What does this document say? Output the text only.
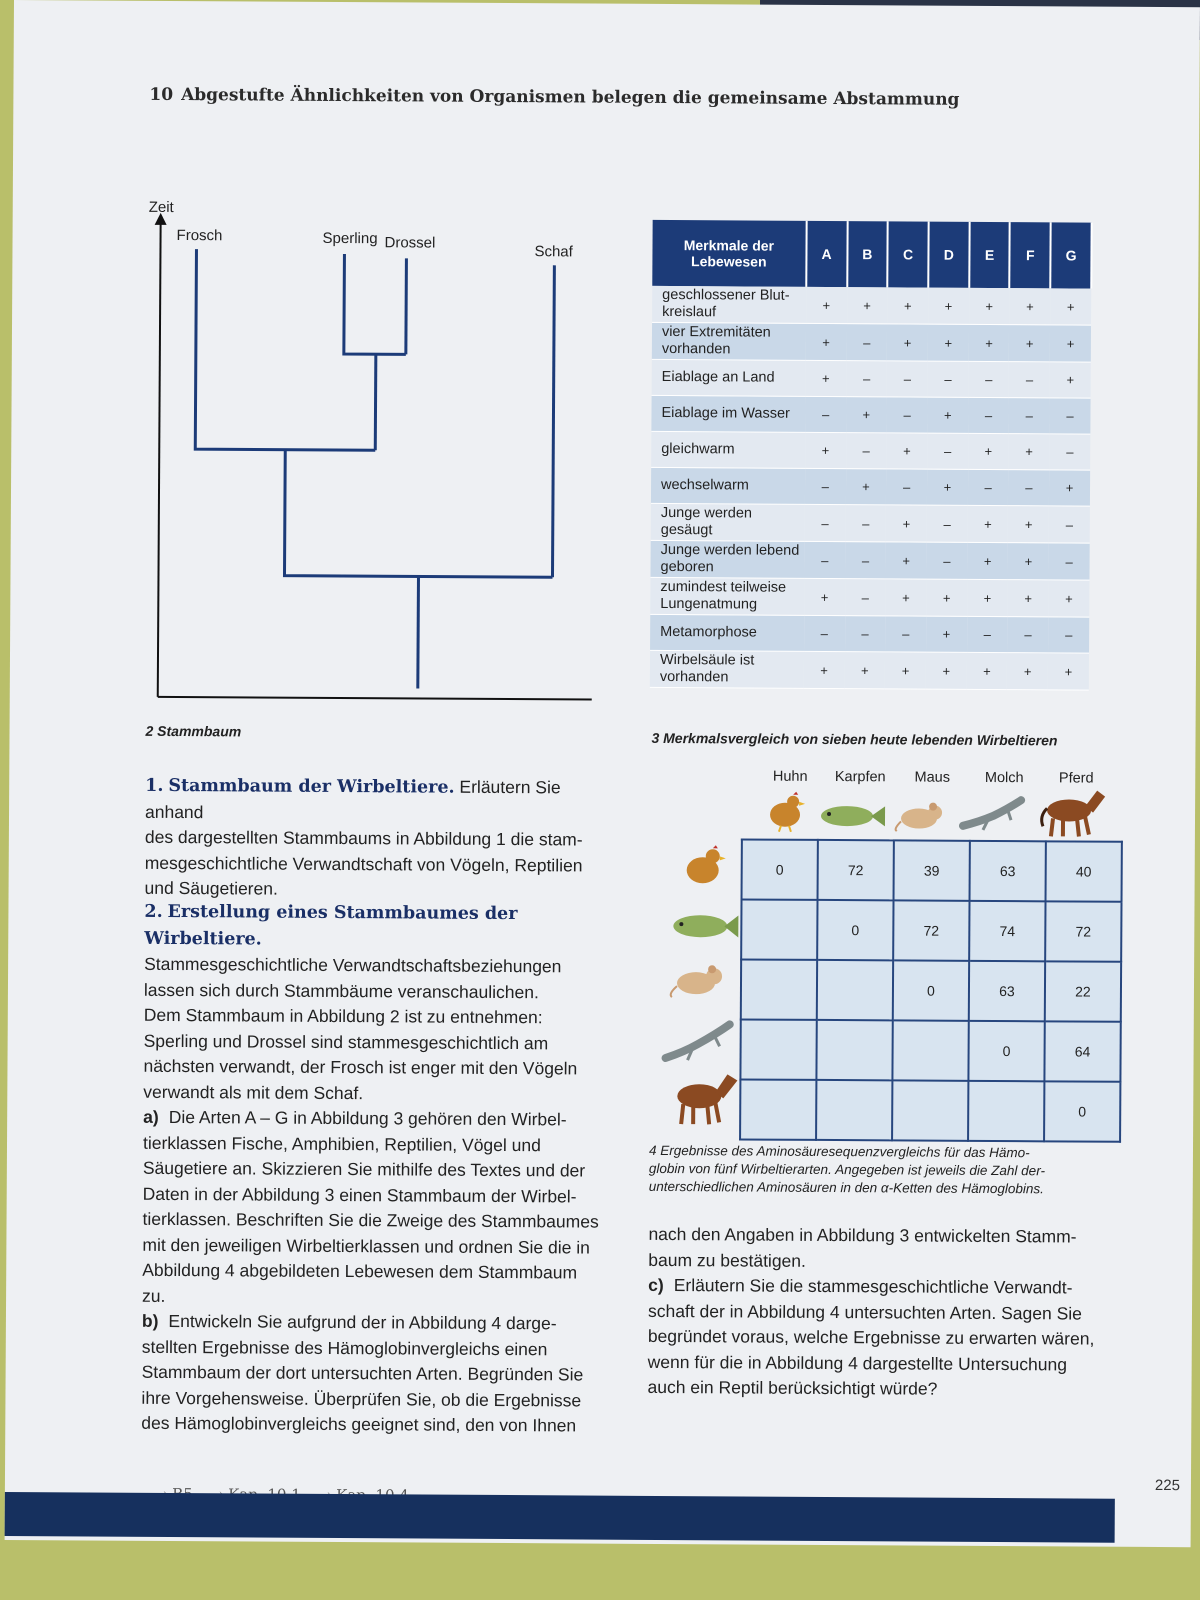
10 Abgestufte Ähnlichkeiten von Organismen belegen die gemeinsame Abstammung
Zeit
Frosch	Sperling Drossel
Schaf
2 Stammbaum
Merkmale der Lebewesen	A	B	C	D	E	F	G
geschlossener Blut-kreislauf	+	+	+	+	+	+	+
vier Extremitäten vorhanden	+	–	+	+	+	+	+
Eiablage an Land	+	–	–	–	–	–	+
Eiablage im Wasser	–	+	–	+	–	–	–
gleichwarm	+	–	+	–	+	+	–
wechselwarm	–	+	–	+	–	–	+
Junge werden gesäugt	–	–	+	–	+	+	–
Junge werden lebend geboren	–	–	+	–	+	+	–
zumindest teilweise Lungenatmung	+	–	+	+	+	+	+
Metamorphose	–	–	–	+	–	–	–
Wirbelsäule ist vorhanden	+	+	+	+	+	+	+
3 Merkmalsvergleich von sieben heute lebenden Wirbeltieren
Huhn	Karpfen	Maus	Molch	Pferd
0	72	39	63	40
	0	72	74	72
		0	63	22
			0	64
				0
4 Ergebnisse des Aminosäuresequenzvergleichs für das Hämo-
globin von fünf Wirbeltierarten. Angegeben ist jeweils die Zahl der-
unterschiedlichen Aminosäuren in den α-Ketten des Hämoglobins.

1. Stammbaum der Wirbeltiere. Erläutern Sie anhand

des dargestellten Stammbaums in Abbildung 1 die stam-

mesgeschichtliche Verwandtschaft von Vögeln, Reptilien

und Säugetieren.

2. Erstellung eines Stammbaumes der Wirbeltiere.

Stammesgeschichtliche Verwandtschaftsbeziehungen

lassen sich durch Stammbäume veranschaulichen.

Dem Stammbaum in Abbildung 2 ist zu entnehmen:

Sperling und Drossel sind stammesgeschichtlich am

nächsten verwandt, der Frosch ist enger mit den Vögeln

verwandt als mit dem Schaf.

a) Die Arten A – G in Abbildung 3 gehören den Wirbel-

tierklassen Fische, Amphibien, Reptilien, Vögel und

Säugetiere an. Skizzieren Sie mithilfe des Textes und der

Daten in der Abbildung 3 einen Stammbaum der Wirbel-

tierklassen. Beschriften Sie die Zweige des Stammbaumes

mit den jeweiligen Wirbeltierklassen und ordnen Sie die in

Abbildung 4 abgebildeten Lebewesen dem Stammbaum

zu.

b) Entwickeln Sie aufgrund der in Abbildung 4 darge-

stellten Ergebnisse des Hämoglobinvergleichs einen

Stammbaum der dort untersuchten Arten. Begründen Sie

ihre Vorgehensweise. Überprüfen Sie, ob die Ergebnisse

des Hämoglobinvergleichs geeignet sind, den von Ihnen

nach den Angaben in Abbildung 3 entwickelten Stamm-

baum zu bestätigen.

c) Erläutern Sie die stammesgeschichtliche Verwandt-

schaft der in Abbildung 4 untersuchten Arten. Sagen Sie

begründet voraus, welche Ergebnisse zu erwarten wären,

wenn für die in Abbildung 4 dargestellte Untersuchung

auch ein Reptil berücksichtigt würde?

225
